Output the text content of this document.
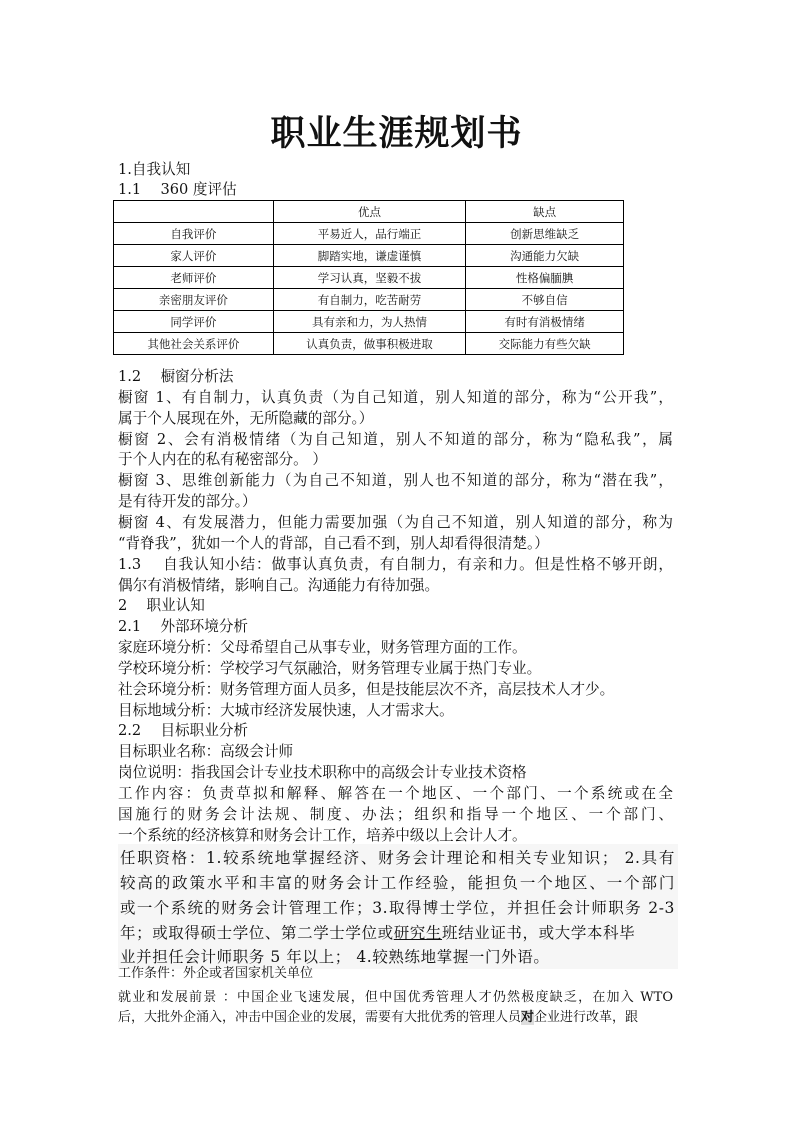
职业生涯规划书
1.自我认知
1.1　 360 度评估
	优点	缺点
自我评价	平易近人，品行端正	创新思维缺乏
家人评价	脚踏实地，谦虚谨慎	沟通能力欠缺
老师评价	学习认真，坚毅不拔	性格偏腼腆
亲密朋友评价	有自制力，吃苦耐劳	不够自信
同学评价	具有亲和力，为人热情	有时有消极情绪
其他社会关系评价	认真负责，做事积极进取	交际能力有些欠缺
1.2　 橱窗分析法
橱窗 1、有自制力，认真负责（为自己知道，别人知道的部分，称为“公开我”，
属于个人展现在外，无所隐藏的部分。）
橱窗 2、会有消极情绪（为自己知道，别人不知道的部分，称为“隐私我”，属
于个人内在的私有秘密部分。 ）
橱窗 3、思维创新能力（为自己不知道，别人也不知道的部分，称为“潜在我”，
是有待开发的部分。）
橱窗 4、有发展潜力，但能力需要加强（为自己不知道，别人知道的部分，称为
“背脊我”，犹如一个人的背部，自己看不到，别人却看得很清楚。）
1.3　 自我认知小结：做事认真负责，有自制力，有亲和力。但是性格不够开朗，
偶尔有消极情绪，影响自己。沟通能力有待加强。
2　 职业认知
2.1　 外部环境分析
家庭环境分析：父母希望自己从事专业，财务管理方面的工作。
学校环境分析：学校学习气氛融洽，财务管理专业属于热门专业。
社会环境分析：财务管理方面人员多，但是技能层次不齐，高层技术人才少。
目标地域分析：大城市经济发展快速，人才需求大。
2.2　 目标职业分析
目标职业名称：高级会计师
岗位说明：指我国会计专业技术职称中的高级会计专业技术资格
工作内容：负责草拟和解释、解答在一个地区、一个部门、一个系统或在全
国施行的财务会计法规、制度、办法；组织和指导一个地区、一个部门、
一个系统的经济核算和财务会计工作，培养中级以上会计人才。
任职资格：1.较系统地掌握经济、财务会计理论和相关专业知识； 2.具有
较高的政策水平和丰富的财务会计工作经验，能担负一个地区、一个部门
或一个系统的财务会计管理工作；3.取得博士学位，并担任会计师职务 2-3
年；或取得硕士学位、第二学士学位或研究生班结业证书，或大学本科毕
业并担任会计师职务 5 年以上； 4.较熟练地掌握一门外语。
工作条件：外企或者国家机关单位
就业和发展前景 ：中国企业飞速发展，但中国优秀管理人才仍然极度缺乏，在加入 WTO
后，大批外企涌入，冲击中国企业的发展，需要有大批优秀的管理人员对企业进行改革，跟
